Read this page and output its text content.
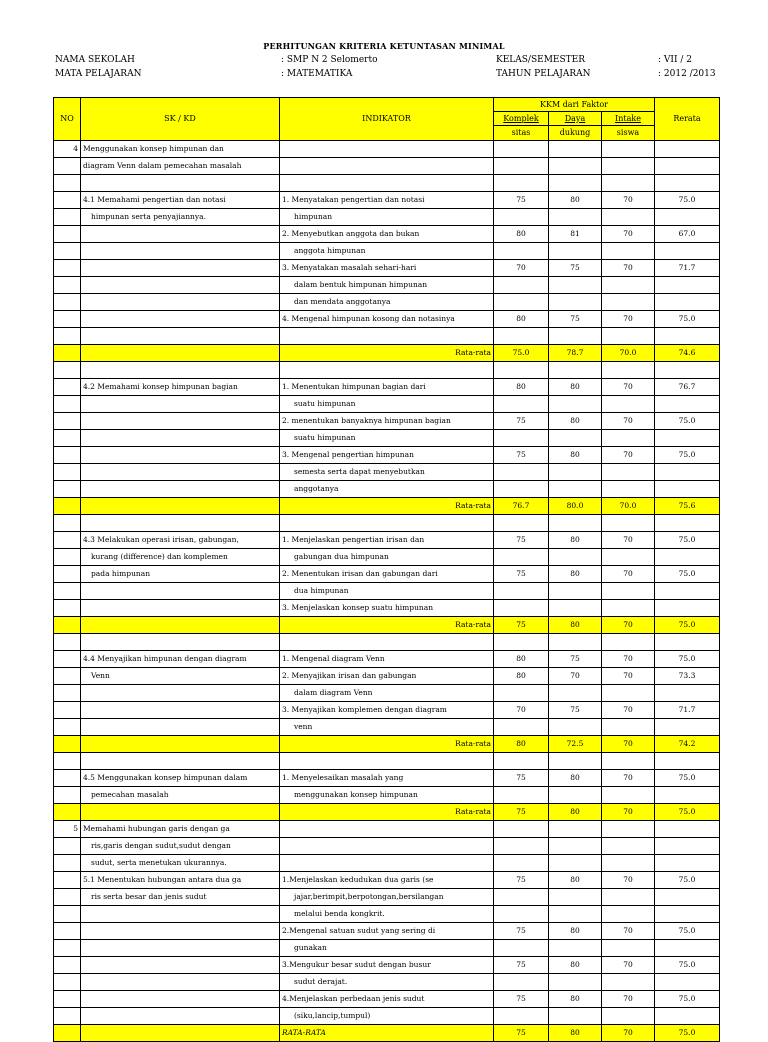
PERHITUNGAN KRITERIA KETUNTASAN MINIMAL
NAMA SEKOLAH	: SMP N 2 Selomerto	KELAS/SEMESTER	: VII / 2
MATA PELAJARAN	: MATEMATIKA	TAHUN PELAJARAN	: 2012 /2013
NO	SK / KD	INDIKATOR	KKM dari Faktor			Rerata
			Komplek	Daya	Intake	
			sitas	dukung	siswa	
4	Menggunakan konsep himpunan dan					
	diagram Venn dalam pemecahan masalah					

	4.1 Memahami pengertian dan notasi	1. Menyatakan pengertian dan notasi	75	80	70	75.0
	himpunan serta penyajiannya.	himpunan				
		2. Menyebutkan anggota dan bukan	80	81	70	67.0
		anggota himpunan				
		3. Menyatakan masalah sehari-hari	70	75	70	71.7
		dalam bentuk himpunan himpunan				
		dan mendata anggotanya				
		4. Mengenal himpunan kosong dan notasinya	80	75	70	75.0

		Rata-rata	75.0	78.7	70.0	74.6

	4.2 Memahami konsep himpunan bagian	1. Menentukan himpunan bagian dari	80	80	70	76.7
		suatu himpunan				
		2. menentukan banyaknya himpunan bagian	75	80	70	75.0
		suatu himpunan				
		3. Mengenal pengertian himpunan	75	80	70	75.0
		semesta serta dapat menyebutkan				
		anggotanya				
		Rata-rata	76.7	80.0	70.0	75.6

	4.3 Melakukan operasi irisan, gabungan,	1. Menjelaskan pengertian irisan dan	75	80	70	75.0
	kurang (difference) dan komplemen	gabungan dua himpunan				
	pada himpunan	2. Menentukan irisan dan gabungan dari	75	80	70	75.0
		dua himpunan				
		3. Menjelaskan konsep suatu himpunan				
		Rata-rata	75	80	70	75.0

	4.4 Menyajikan himpunan dengan diagram	1. Mengenal diagram Venn	80	75	70	75.0
	Venn	2. Menyajikan irisan dan gabungan	80	70	70	73.3
		dalam diagram Venn				
		3. Menyajikan komplemen dengan diagram	70	75	70	71.7
		venn				
		Rata-rata	80	72.5	70	74.2

	4.5 Menggunakan konsep himpunan dalam	1. Menyelesaikan masalah yang	75	80	70	75.0
	pemecahan masalah	menggunakan konsep himpunan				
		Rata-rata	75	80	70	75.0
5	Memahami hubungan garis dengan ga					
	ris,garis dengan sudut,sudut dengan					
	sudut, serta menetukan ukurannya.					
	5.1 Menentukan hubungan antara dua ga	1.Menjelaskan kedudukan dua garis (se	75	80	70	75.0
	ris serta besar dan jenis sudut	jajar,berimpit,berpotongan,bersilangan				
		melalui benda kongkrit.				
		2.Mengenal satuan sudut yang sering di	75	80	70	75.0
		gunakan				
		3.Mengukur besar sudut dengan busur	75	80	70	75.0
		sudut derajat.				
		4.Menjelaskan perbedaan jenis sudut	75	80	70	75.0
		(siku,lancip,tumpul)				
		RATA-RATA	75	80	70	75.0
